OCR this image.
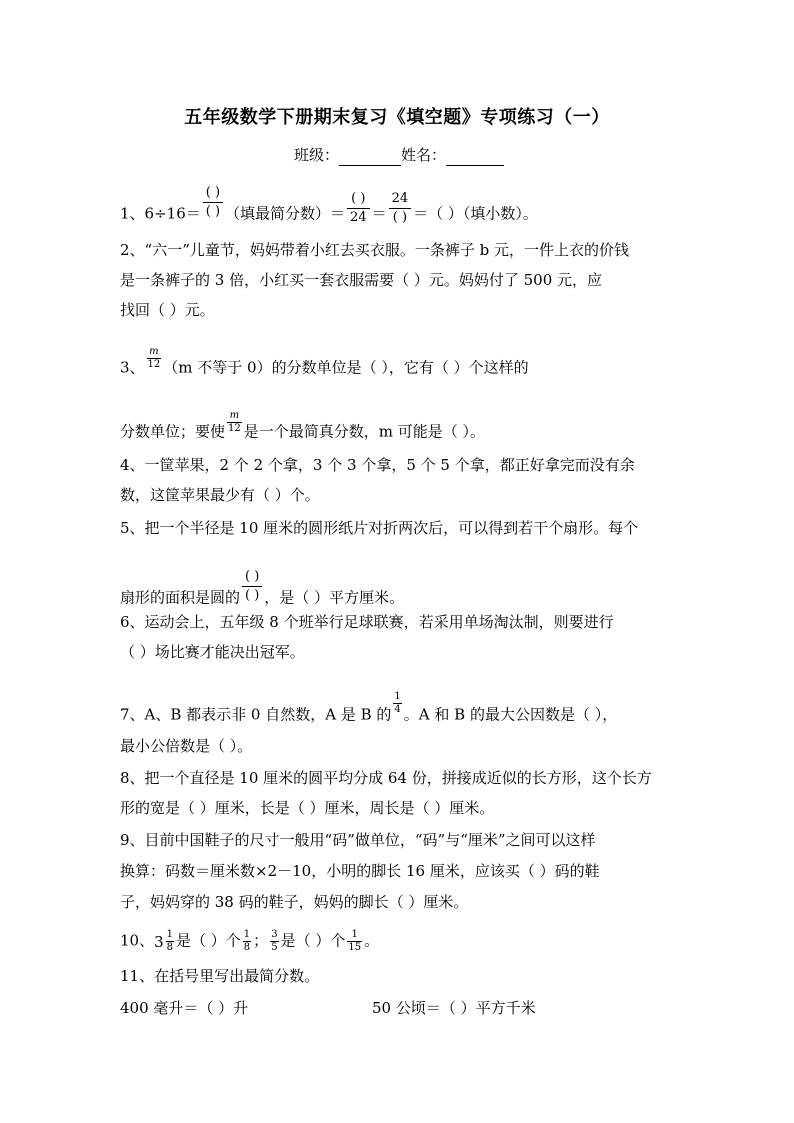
五年级数学下册期末复习《填空题》专项练习（一）
班级：	姓名：
1、$6\div 16= \frac{( )}{( )}$ （填最简分数）＝ $\frac{( )}{24} = \frac{24}{( )}$ ＝（ ）（填小数）。
2、“六一”儿童节，妈妈带着小红去买衣服。一条裤子 b 元，一件上衣的价钱
是一条裤子的 3 倍，小红买一套衣服需要（ ）元。妈妈付了 500 元，应
找回（ ）元。
3、 $\frac{m}{12} (m$ 不等于 0）的分数单位是（ ），它有（ ）个这样的
分数单位；要使 $\frac{m}{12}$ 是一个最简真分数，m 可能是（ ）。
4、一筐苹果，2 个 2 个拿，3 个 3 个拿，5 个 5 个拿，都正好拿完而没有余
数，这筐苹果最少有（ ）个。
5、把一个半径是 10 厘米的圆形纸片对折两次后，可以得到若干个扇形。每个
扇形的面积是圆的 $\frac{( )}{( )}$ ，是（ ）平方厘米。
6、运动会上，五年级 8 个班举行足球联赛，若采用单场淘汰制，则要进行
（ ）场比赛才能决出冠军。
7、A、B 都表示非 0 自然数，A 是 B 的 $\frac{1}{4}$ 。A 和 B 的最大公因数是（ ），
最小公倍数是（ ）。
8、把一个直径是 10 厘米的圆平均分成 64 份，拼接成近似的长方形，这个长方
形的宽是（ ）厘米，长是（ ）厘米，周长是（ ）厘米。
9、目前中国鞋子的尺寸一般用“码”做单位，“码”与“厘米”之间可以这样
换算：码数＝厘米数×2－10，小明的脚长 16 厘米，应该买（ ）码的鞋
子，妈妈穿的 38 码的鞋子，妈妈的脚长（ ）厘米。
10、$3 \frac{1}{8}$ 是（ ）个 $\frac{1}{8}$ ； $\frac{3}{5}$ 是（ ）个 $\frac{1}{15}$ 。
11、在括号里写出最简分数。
400 毫升＝（ ）升	50 公顷＝（ ）平方千米
